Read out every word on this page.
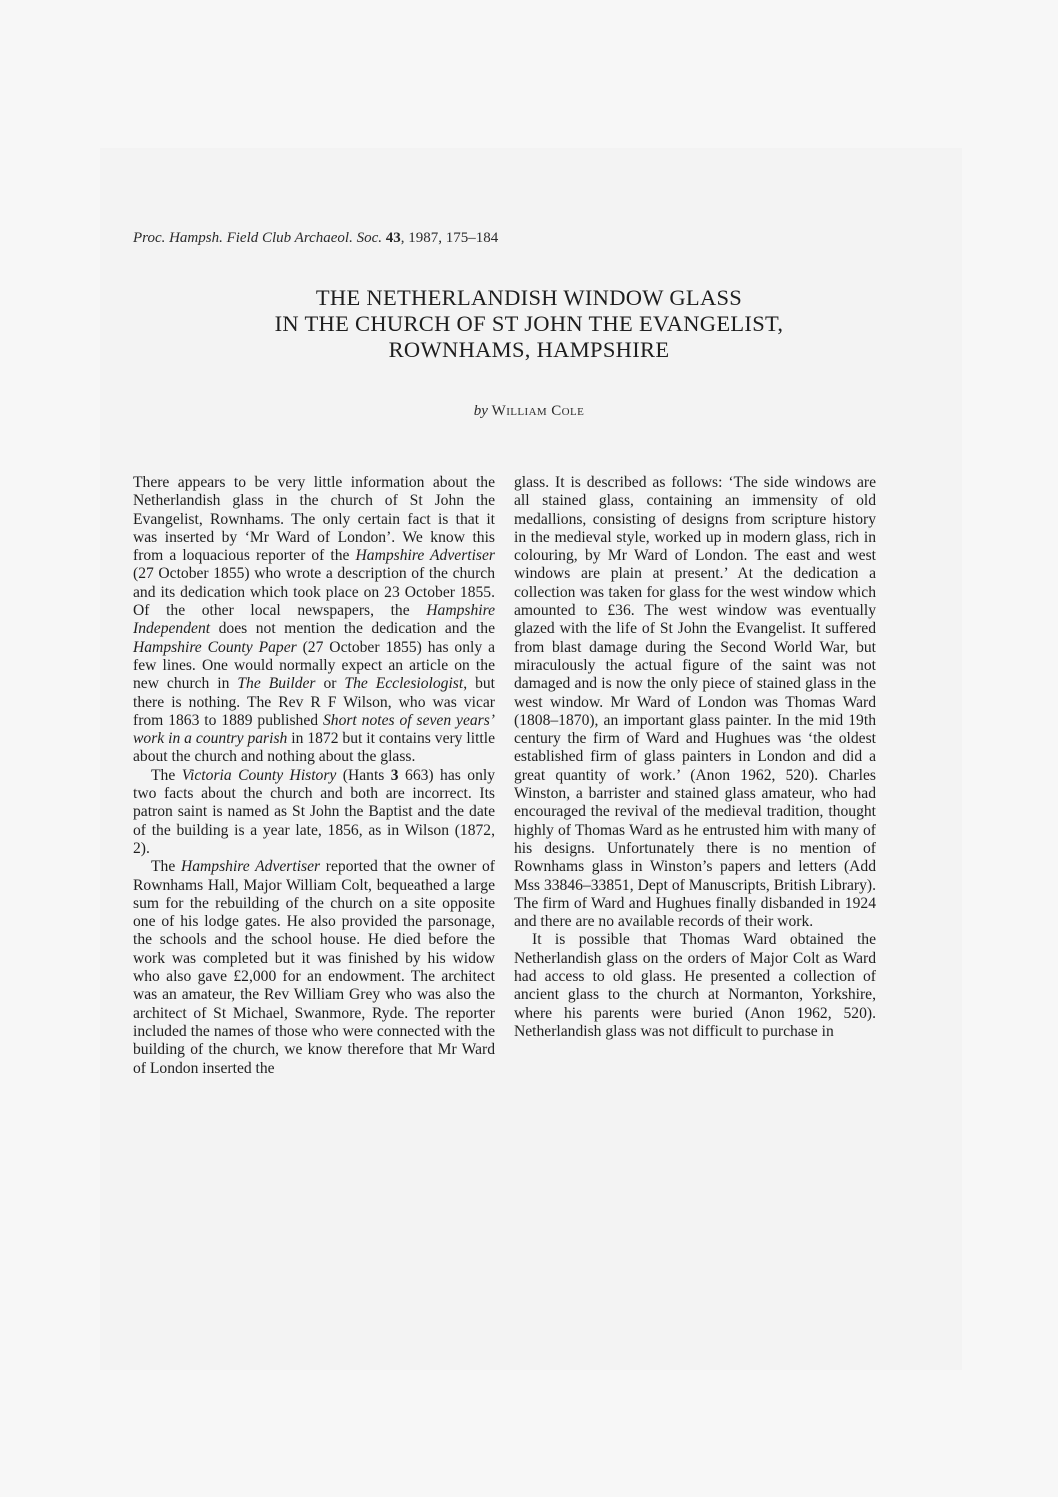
Proc. Hampsh. Field Club Archaeol. Soc. 43, 1987, 175–184
THE NETHERLANDISH WINDOW GLASS
IN THE CHURCH OF ST JOHN THE EVANGELIST,
ROWNHAMS, HAMPSHIRE
by William Cole

There appears to be very little information about the Netherlandish glass in the church of St John the Evangelist, Rownhams. The only certain fact is that it was inserted by ‘Mr Ward of London’. We know this from a loquacious reporter of the Hampshire Advertiser (27 October 1855) who wrote a description of the church and its dedication which took place on 23 October 1855. Of the other local newspapers, the Hampshire Independent does not mention the dedication and the Hampshire County Paper (27 October 1855) has only a few lines. One would normally expect an article on the new church in The Builder or The Ecclesiologist, but there is nothing. The Rev R F Wilson, who was vicar from 1863 to 1889 published Short notes of seven years’ work in a country parish in 1872 but it contains very little about the church and nothing about the glass.

The Victoria County History (Hants 3 663) has only two facts about the church and both are incorrect. Its patron saint is named as St John the Baptist and the date of the building is a year late, 1856, as in Wilson (1872, 2).

The Hampshire Advertiser reported that the owner of Rownhams Hall, Major William Colt, bequeathed a large sum for the rebuilding of the church on a site opposite one of his lodge gates. He also provided the parsonage, the schools and the school house. He died before the work was completed but it was finished by his widow who also gave £2,000 for an endowment. The architect was an amateur, the Rev William Grey who was also the architect of St Michael, Swanmore, Ryde. The reporter included the names of those who were connected with the building of the church, we know therefore that Mr Ward of London inserted the

glass. It is described as follows: ‘The side windows are all stained glass, containing an immensity of old medallions, consisting of designs from scripture history in the medieval style, worked up in modern glass, rich in colouring, by Mr Ward of London. The east and west windows are plain at present.’ At the dedication a collection was taken for glass for the west window which amounted to £36. The west window was eventually glazed with the life of St John the Evangelist. It suffered from blast damage during the Second World War, but miraculously the actual figure of the saint was not damaged and is now the only piece of stained glass in the west window. Mr Ward of London was Thomas Ward (1808–1870), an important glass painter. In the mid 19th century the firm of Ward and Hughues was ‘the oldest established firm of glass painters in London and did a great quantity of work.’ (Anon 1962, 520). Charles Winston, a barrister and stained glass amateur, who had encouraged the revival of the medieval tradition, thought highly of Thomas Ward as he entrusted him with many of his designs. Unfortunately there is no mention of Rownhams glass in Winston’s papers and letters (Add Mss 33846–33851, Dept of Manuscripts, British Library). The firm of Ward and Hughues finally disbanded in 1924 and there are no available records of their work.

It is possible that Thomas Ward obtained the Netherlandish glass on the orders of Major Colt as Ward had access to old glass. He presented a collection of ancient glass to the church at Normanton, Yorkshire, where his parents were buried (Anon 1962, 520). Netherlandish glass was not difficult to purchase in
